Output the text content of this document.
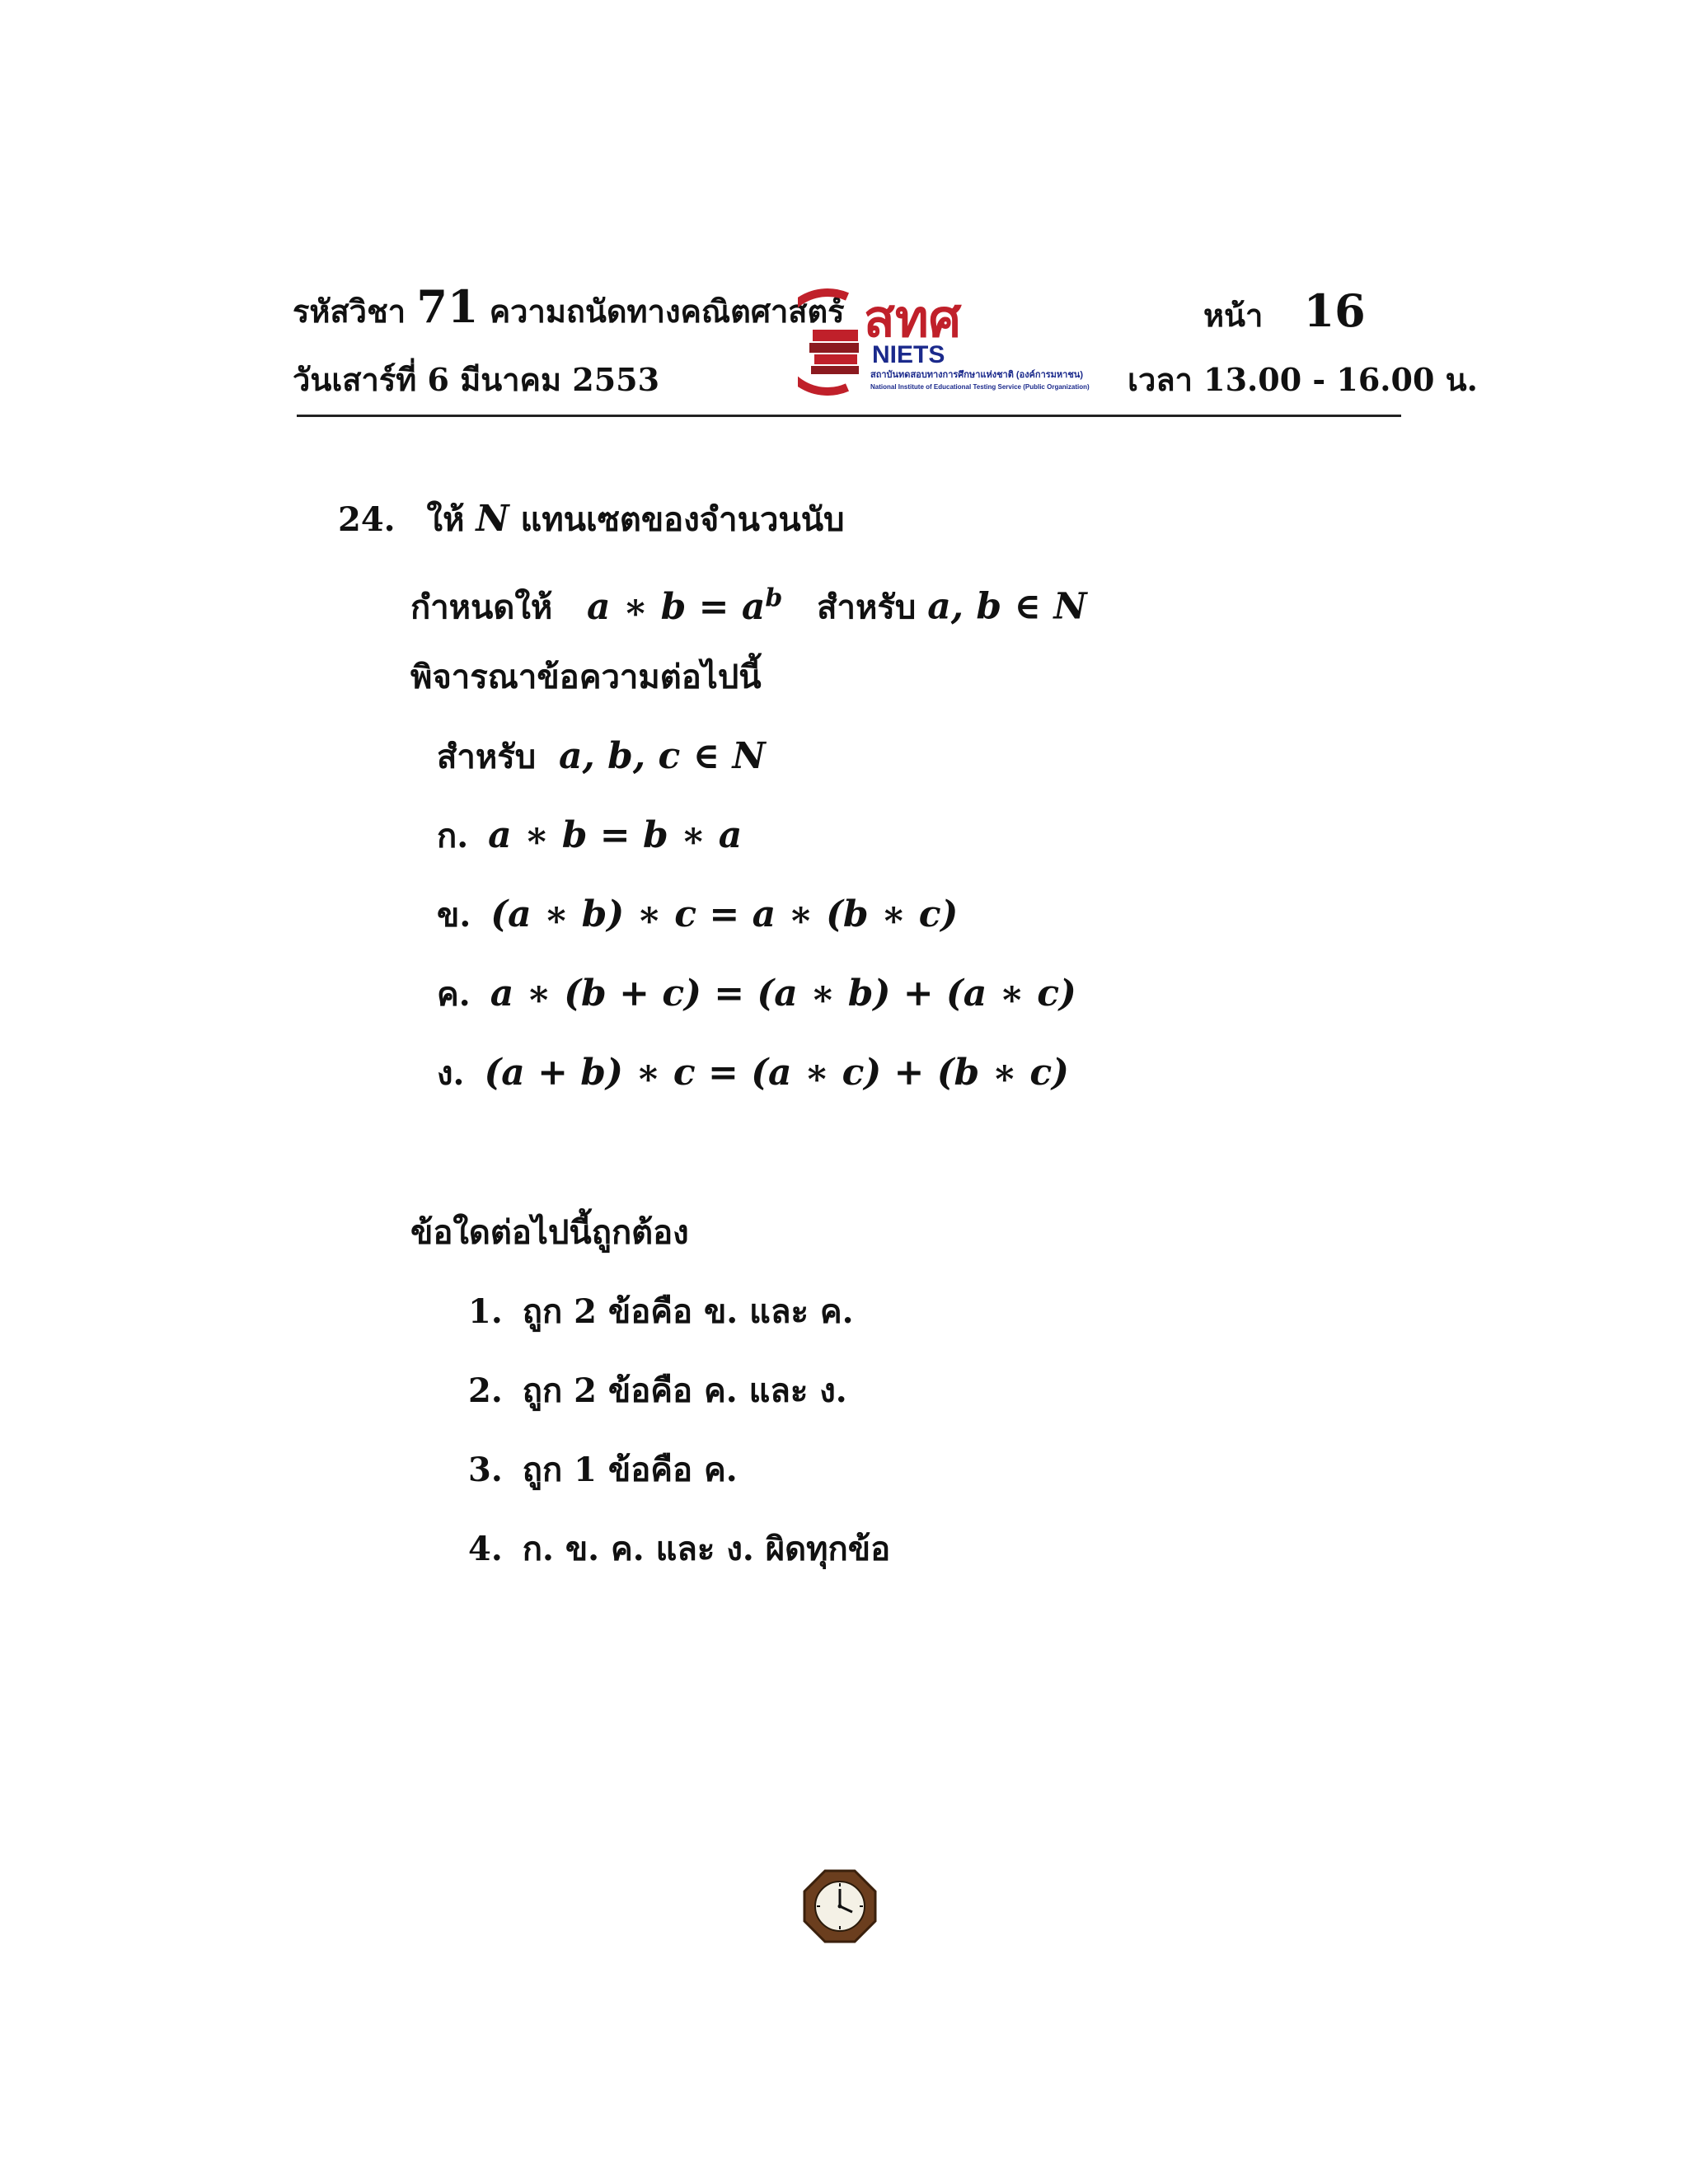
รหัสวิชา 71 ความถนัดทางคณิตศาสตร์
วันเสาร์ที่ 6 มีนาคม 2553
สทศ
NIETS
สถาบันทดสอบทางการศึกษาแห่งชาติ (องค์การมหาชน)
National Institute of Educational Testing Service (Public Organization)
หน้า 16
เวลา 13.00 - 16.00 น.
24. ให้ N แทนเซตของจำนวนนับ
กำหนดให้ a ∗ $b = a^b$ สำหรับ a, b ∈ N
พิจารณาข้อความต่อไปนี้
สำหรับ a, b, c ∈ N
ก. a ∗ b = b ∗ a
ข. (a ∗ b) ∗ c = a ∗ (b ∗ c)
ค. a ∗ (b + c) = (a ∗ b) + (a ∗ c)
ง. (a + b) ∗ c = (a ∗ c) + (b ∗ c)
ข้อใดต่อไปนี้ถูกต้อง
1. ถูก 2 ข้อคือ ข. และ ค.
2. ถูก 2 ข้อคือ ค. และ ง.
3. ถูก 1 ข้อคือ ค.
4. ก. ข. ค. และ ง. ผิดทุกข้อ
